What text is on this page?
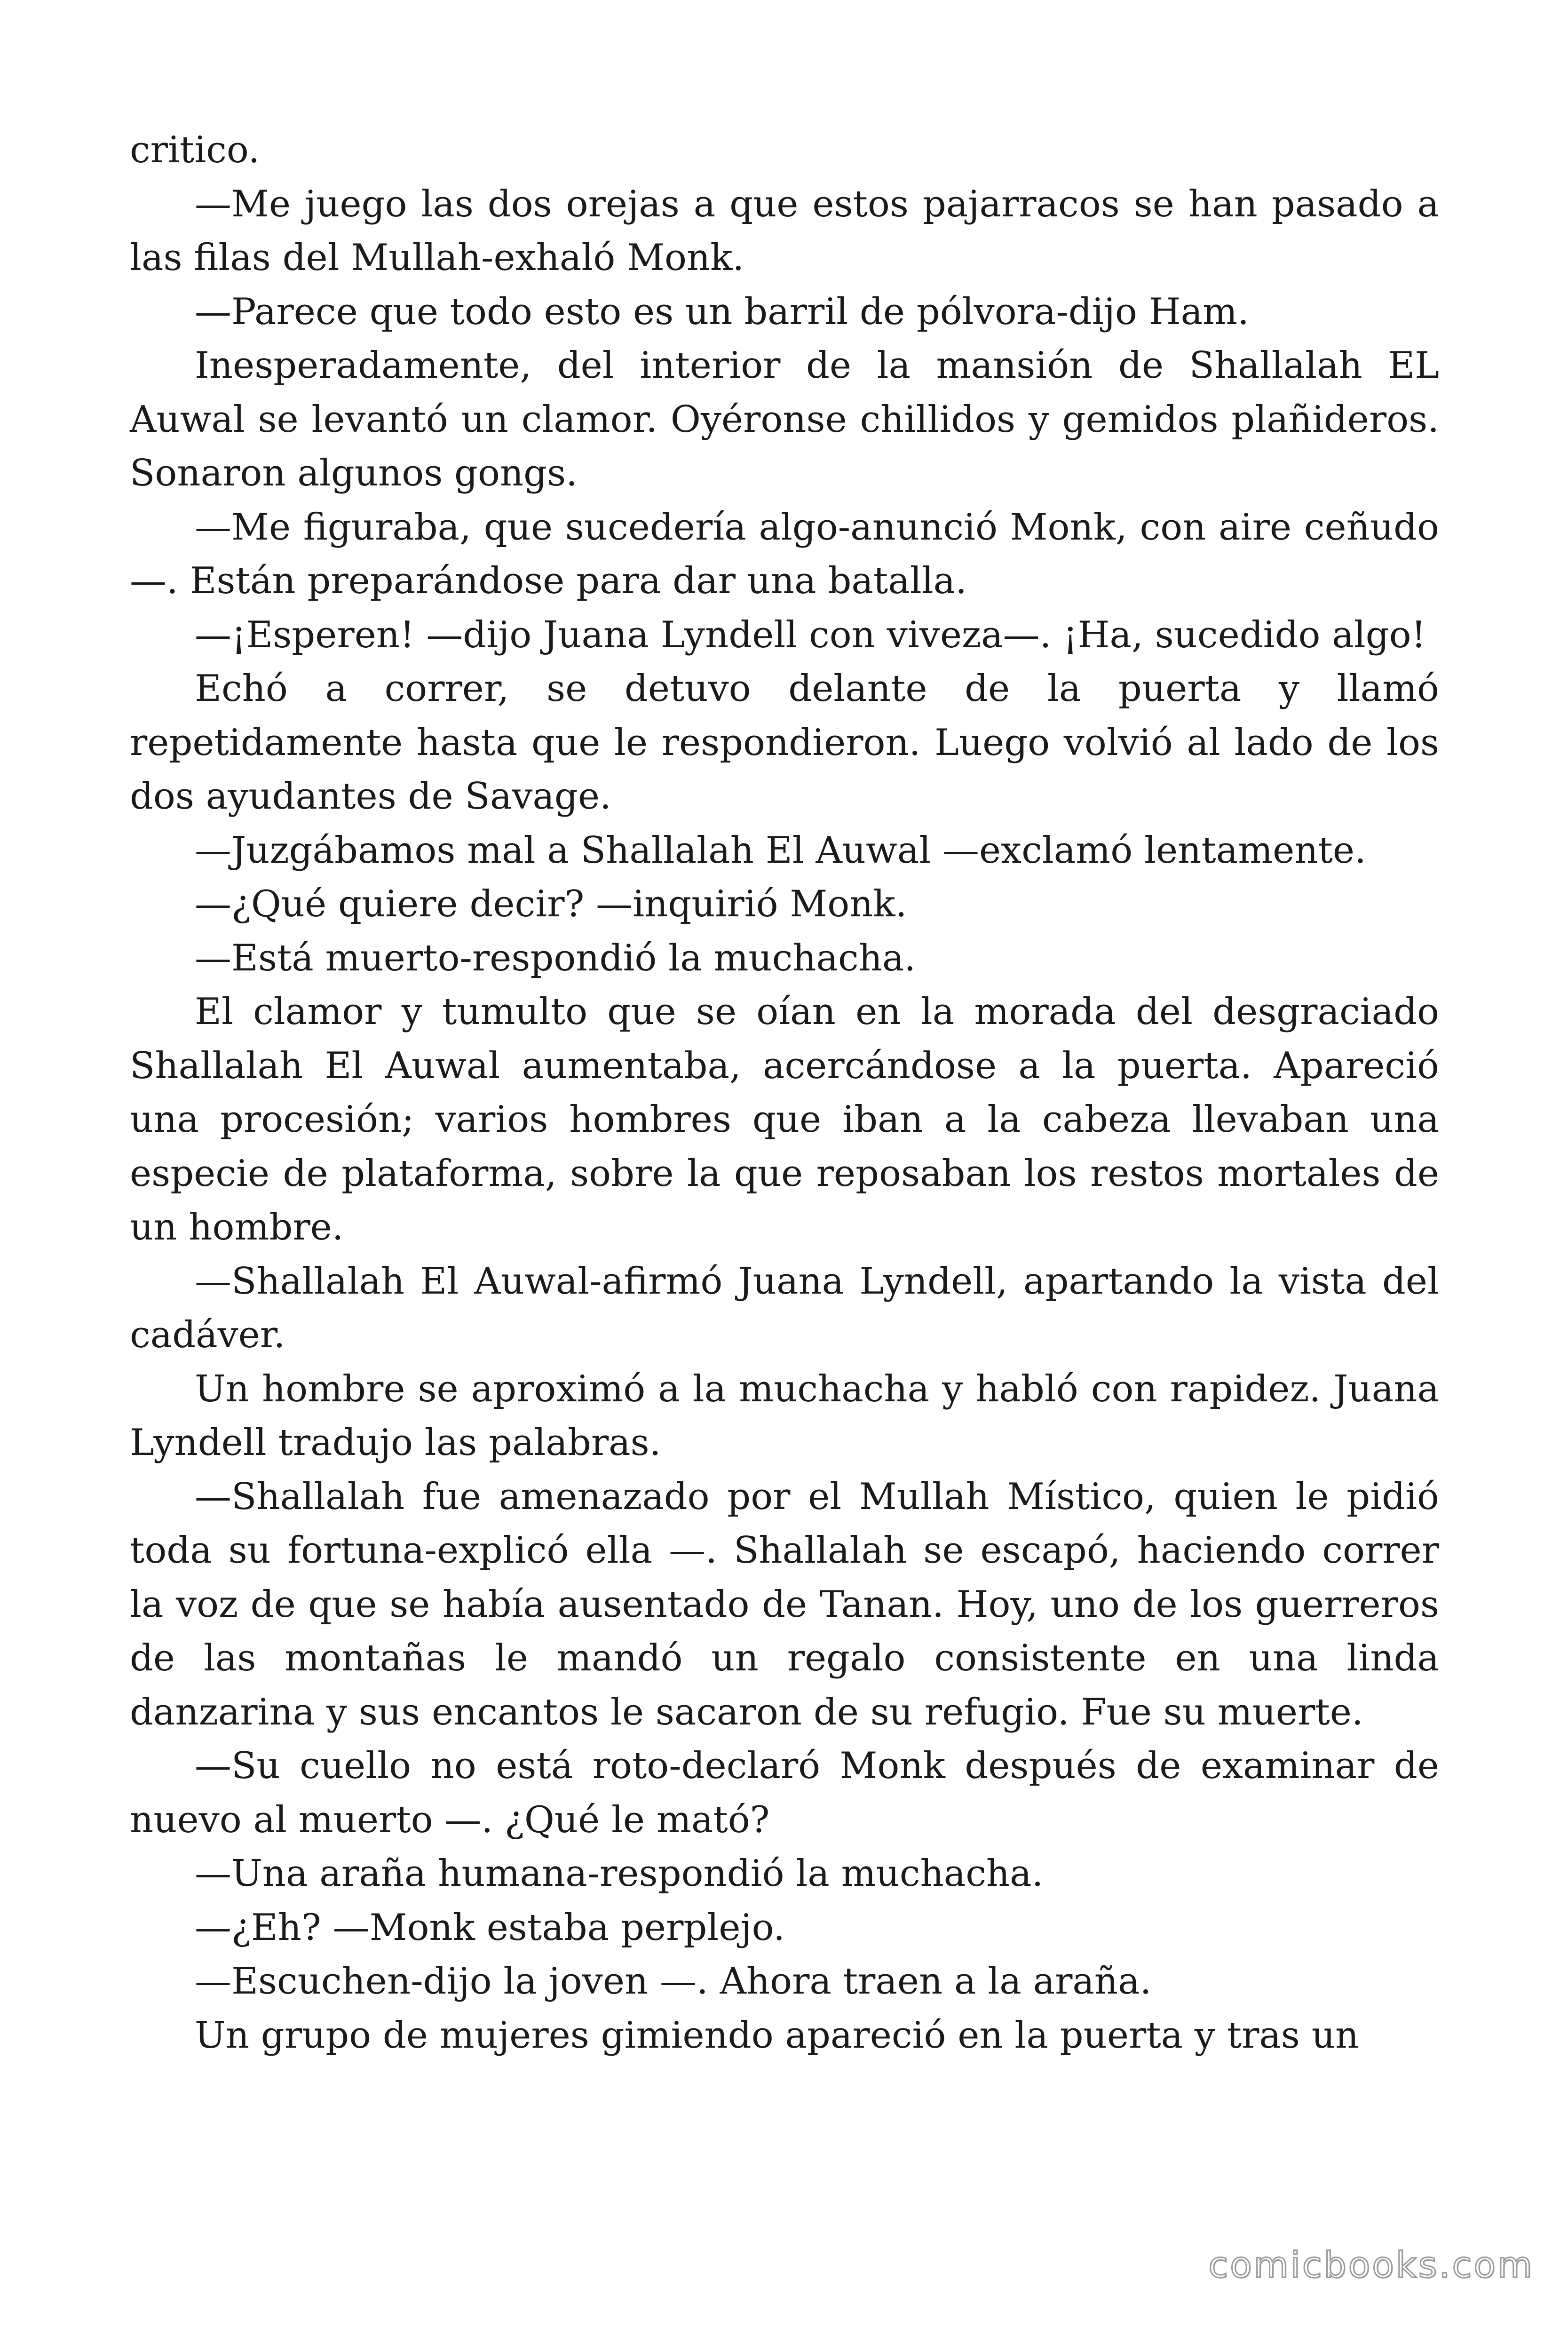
critico.

—Me juego las dos orejas a que estos pajarracos se han pasado a las filas del Mullah-exhaló Monk.

—Parece que todo esto es un barril de pólvora-dijo Ham.

Inesperadamente, del interior de la mansión de Shallalah EL Auwal se levantó un clamor. Oyéronse chillidos y gemidos plañideros. Sonaron algunos gongs.

—Me figuraba, que sucedería algo-anunció Monk, con aire ceñudo —. Están preparándose para dar una batalla.

—¡Esperen! —dijo Juana Lyndell con viveza—. ¡Ha, sucedido algo!

Echó a correr, se detuvo delante de la puerta y llamó repetidamente hasta que le respondieron. Luego volvió al lado de los dos ayudantes de Savage.

—Juzgábamos mal a Shallalah El Auwal —exclamó lentamente.

—¿Qué quiere decir? —inquirió Monk.

—Está muerto-respondió la muchacha.

El clamor y tumulto que se oían en la morada del desgraciado Shallalah El Auwal aumentaba, acercándose a la puerta. Apareció una procesión; varios hombres que iban a la cabeza llevaban una especie de plataforma, sobre la que reposaban los restos mortales de un hombre.

—Shallalah El Auwal-afirmó Juana Lyndell, apartando la vista del cadáver.

Un hombre se aproximó a la muchacha y habló con rapidez. Juana Lyndell tradujo las palabras.

—Shallalah fue amenazado por el Mullah Místico, quien le pidió toda su fortuna-explicó ella —. Shallalah se escapó, haciendo correr la voz de que se había ausentado de Tanan. Hoy, uno de los guerreros de las montañas le mandó un regalo consistente en una linda danzarina y sus encantos le sacaron de su refugio. Fue su muerte.

—Su cuello no está roto-declaró Monk después de examinar de nuevo al muerto —. ¿Qué le mató?

—Una araña humana-respondió la muchacha.

—¿Eh? —Monk estaba perplejo.

—Escuchen-dijo la joven —. Ahora traen a la araña.

Un grupo de mujeres gimiendo apareció en la puerta y tras un

comicbooks.com
